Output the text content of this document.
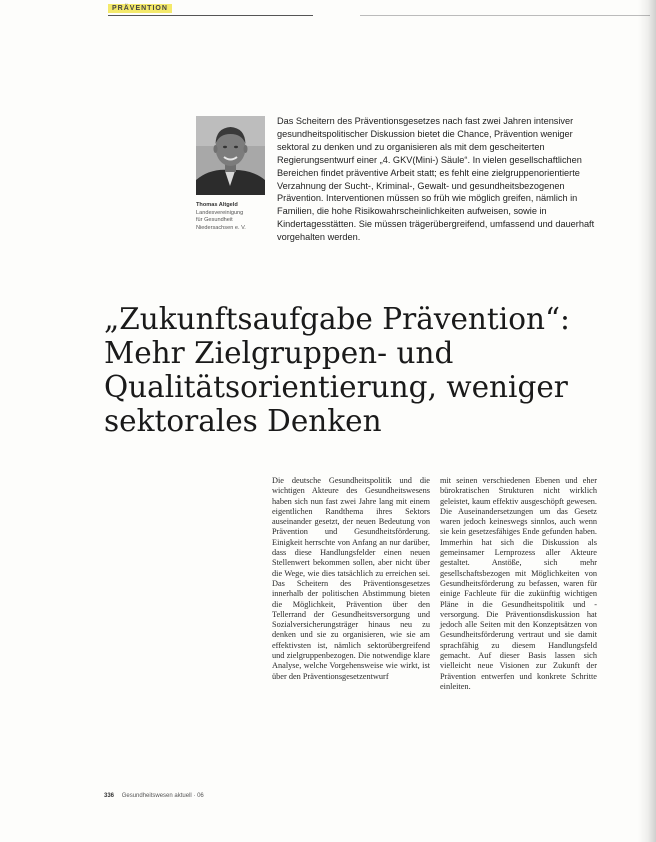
PRÄVENTION
Thomas Altgeld
Landesvereinigung
für Gesundheit
Niedersachsen e. V.

Das Scheitern des Präventionsgesetzes nach fast zwei Jahren intensiver gesundheitspolitischer Diskussion bietet die Chance, Prävention weniger sektoral zu denken und zu organisieren als mit dem gescheiterten Regierungsentwurf einer „4. GKV(Mini-) Säule“. In vielen gesellschaftlichen Bereichen findet präventive Arbeit statt; es fehlt eine zielgruppenorientierte Verzahnung der Sucht-, Kriminal-, Gewalt- und gesundheitsbezogenen Prävention. Interventionen müssen so früh wie möglich greifen, nämlich in Familien, die hohe Risikowahrscheinlichkeiten aufweisen, sowie in Kindertagesstätten. Sie müssen trägerübergreifend, umfassend und dauerhaft vorgehalten werden.

„Zukunftsaufgabe Prävention“:
Mehr Zielgruppen- und
Qualitätsorientierung, weniger
sektorales Denken

Die deutsche Gesundheitspolitik und die wichtigen Akteure des Gesundheitswesens haben sich nun fast zwei Jahre lang mit einem eigentlichen Randthema ihres Sektors auseinander gesetzt, der neuen Bedeutung von Prävention und Gesundheitsförderung. Einigkeit herrschte von Anfang an nur darüber, dass diese Handlungsfelder einen neuen Stellenwert bekommen sollen, aber nicht über die Wege, wie dies tatsächlich zu erreichen sei. Das Scheitern des Präventionsgesetzes innerhalb der politischen Abstimmung bieten die Möglichkeit, Prävention über den Tellerrand der Gesundheitsversorgung und Sozialversicherungsträger hinaus neu zu denken und sie zu organisieren, wie sie am effektivsten ist, nämlich sektorübergreifend und zielgruppenbezogen. Die notwendige klare Analyse, welche Vorgehensweise wie wirkt, ist über den Präventionsgesetzentwurf

mit seinen verschiedenen Ebenen und eher bürokratischen Strukturen nicht wirklich geleistet, kaum effektiv ausgeschöpft gewesen. Die Auseinandersetzungen um das Gesetz waren jedoch keineswegs sinnlos, auch wenn sie kein gesetzesfähiges Ende gefunden haben. Immerhin hat sich die Diskussion als gemeinsamer Lernprozess aller Akteure gestaltet. Anstöße, sich mehr gesellschaftsbezogen mit Möglichkeiten von Gesundheitsförderung zu befassen, waren für einige Fachleute für die zukünftig wichtigen Pläne in die Gesundheitspolitik und -versorgung. Die Präventionsdiskussion hat jedoch alle Seiten mit den Konzeptsätzen von Gesundheitsförderung vertraut und sie damit sprachfähig zu diesem Handlungsfeld gemacht. Auf dieser Basis lassen sich vielleicht neue Visionen zur Zukunft der Prävention entwerfen und konkrete Schritte einleiten.

336 Gesundheitswesen aktuell · 06
